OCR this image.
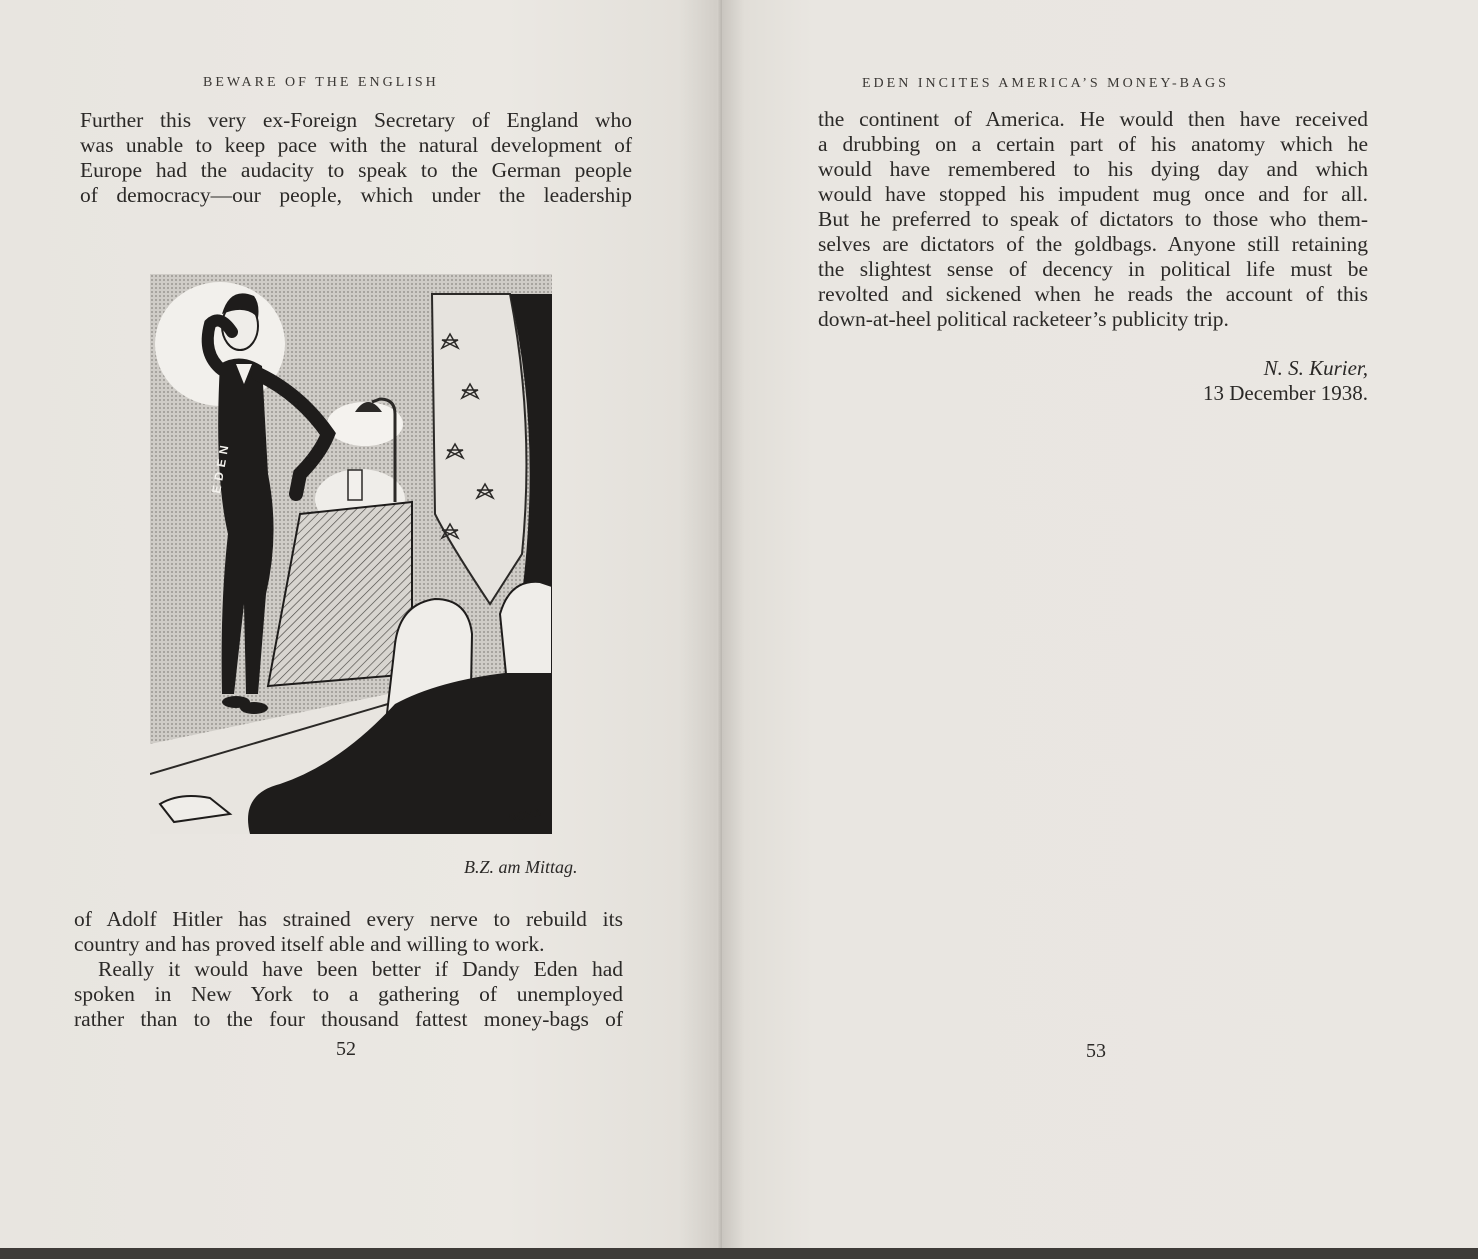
BEWARE OF THE ENGLISH
Further this very ex-Foreign Secretary of England who
was unable to keep pace with the natural development of
Europe had the audacity to speak to the German people
of democracy—our people, which under the leadership
EDEN
ROHA
B.Z. am Mittag.
of Adolf Hitler has strained every nerve to rebuild its
country and has proved itself able and willing to work.
Really it would have been better if Dandy Eden had
spoken in New York to a gathering of unemployed
rather than to the four thousand fattest money-bags of
52
EDEN INCITES AMERICA’S MONEY-BAGS
the continent of America. He would then have received
a drubbing on a certain part of his anatomy which he
would have remembered to his dying day and which
would have stopped his impudent mug once and for all.
But he preferred to speak of dictators to those who them-
selves are dictators of the goldbags. Anyone still retaining
the slightest sense of decency in political life must be
revolted and sickened when he reads the account of this
down-at-heel political racketeer’s publicity trip.
N. S. Kurier,
13 December 1938.
53
